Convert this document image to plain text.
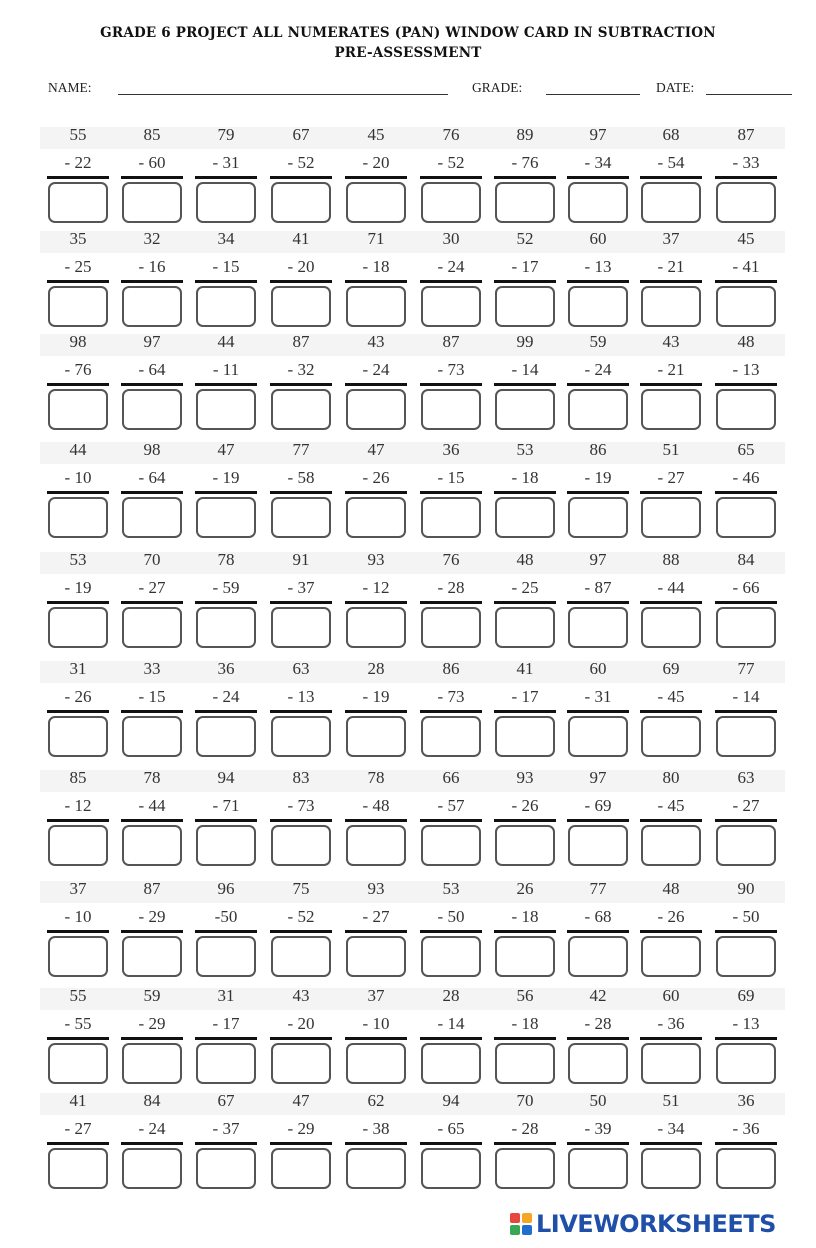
GRADE 6 PROJECT ALL NUMERATES (PAN) WINDOW CARD IN SUBTRACTION
PRE-ASSESSMENT
NAME:	GRADE:	DATE:
55
- 22
85
- 60
79
- 31
67
- 52
45
- 20
76
- 52
89
- 76
97
- 34
68
- 54
87
- 33
35
- 25
32
- 16
34
- 15
41
- 20
71
- 18
30
- 24
52
- 17
60
- 13
37
- 21
45
- 41
98
- 76
97
- 64
44
- 11
87
- 32
43
- 24
87
- 73
99
- 14
59
- 24
43
- 21
48
- 13
44
- 10
98
- 64
47
- 19
77
- 58
47
- 26
36
- 15
53
- 18
86
- 19
51
- 27
65
- 46
53
- 19
70
- 27
78
- 59
91
- 37
93
- 12
76
- 28
48
- 25
97
- 87
88
- 44
84
- 66
31
- 26
33
- 15
36
- 24
63
- 13
28
- 19
86
- 73
41
- 17
60
- 31
69
- 45
77
- 14
85
- 12
78
- 44
94
- 71
83
- 73
78
- 48
66
- 57
93
- 26
97
- 69
80
- 45
63
- 27
37
- 10
87
- 29
96
-50
75
- 52
93
- 27
53
- 50
26
- 18
77
- 68
48
- 26
90
- 50
55
- 55
59
- 29
31
- 17
43
- 20
37
- 10
28
- 14
56
- 18
42
- 28
60
- 36
69
- 13
41
- 27
84
- 24
67
- 37
47
- 29
62
- 38
94
- 65
70
- 28
50
- 39
51
- 34
36
- 36
LIVEWORKSHEETS
